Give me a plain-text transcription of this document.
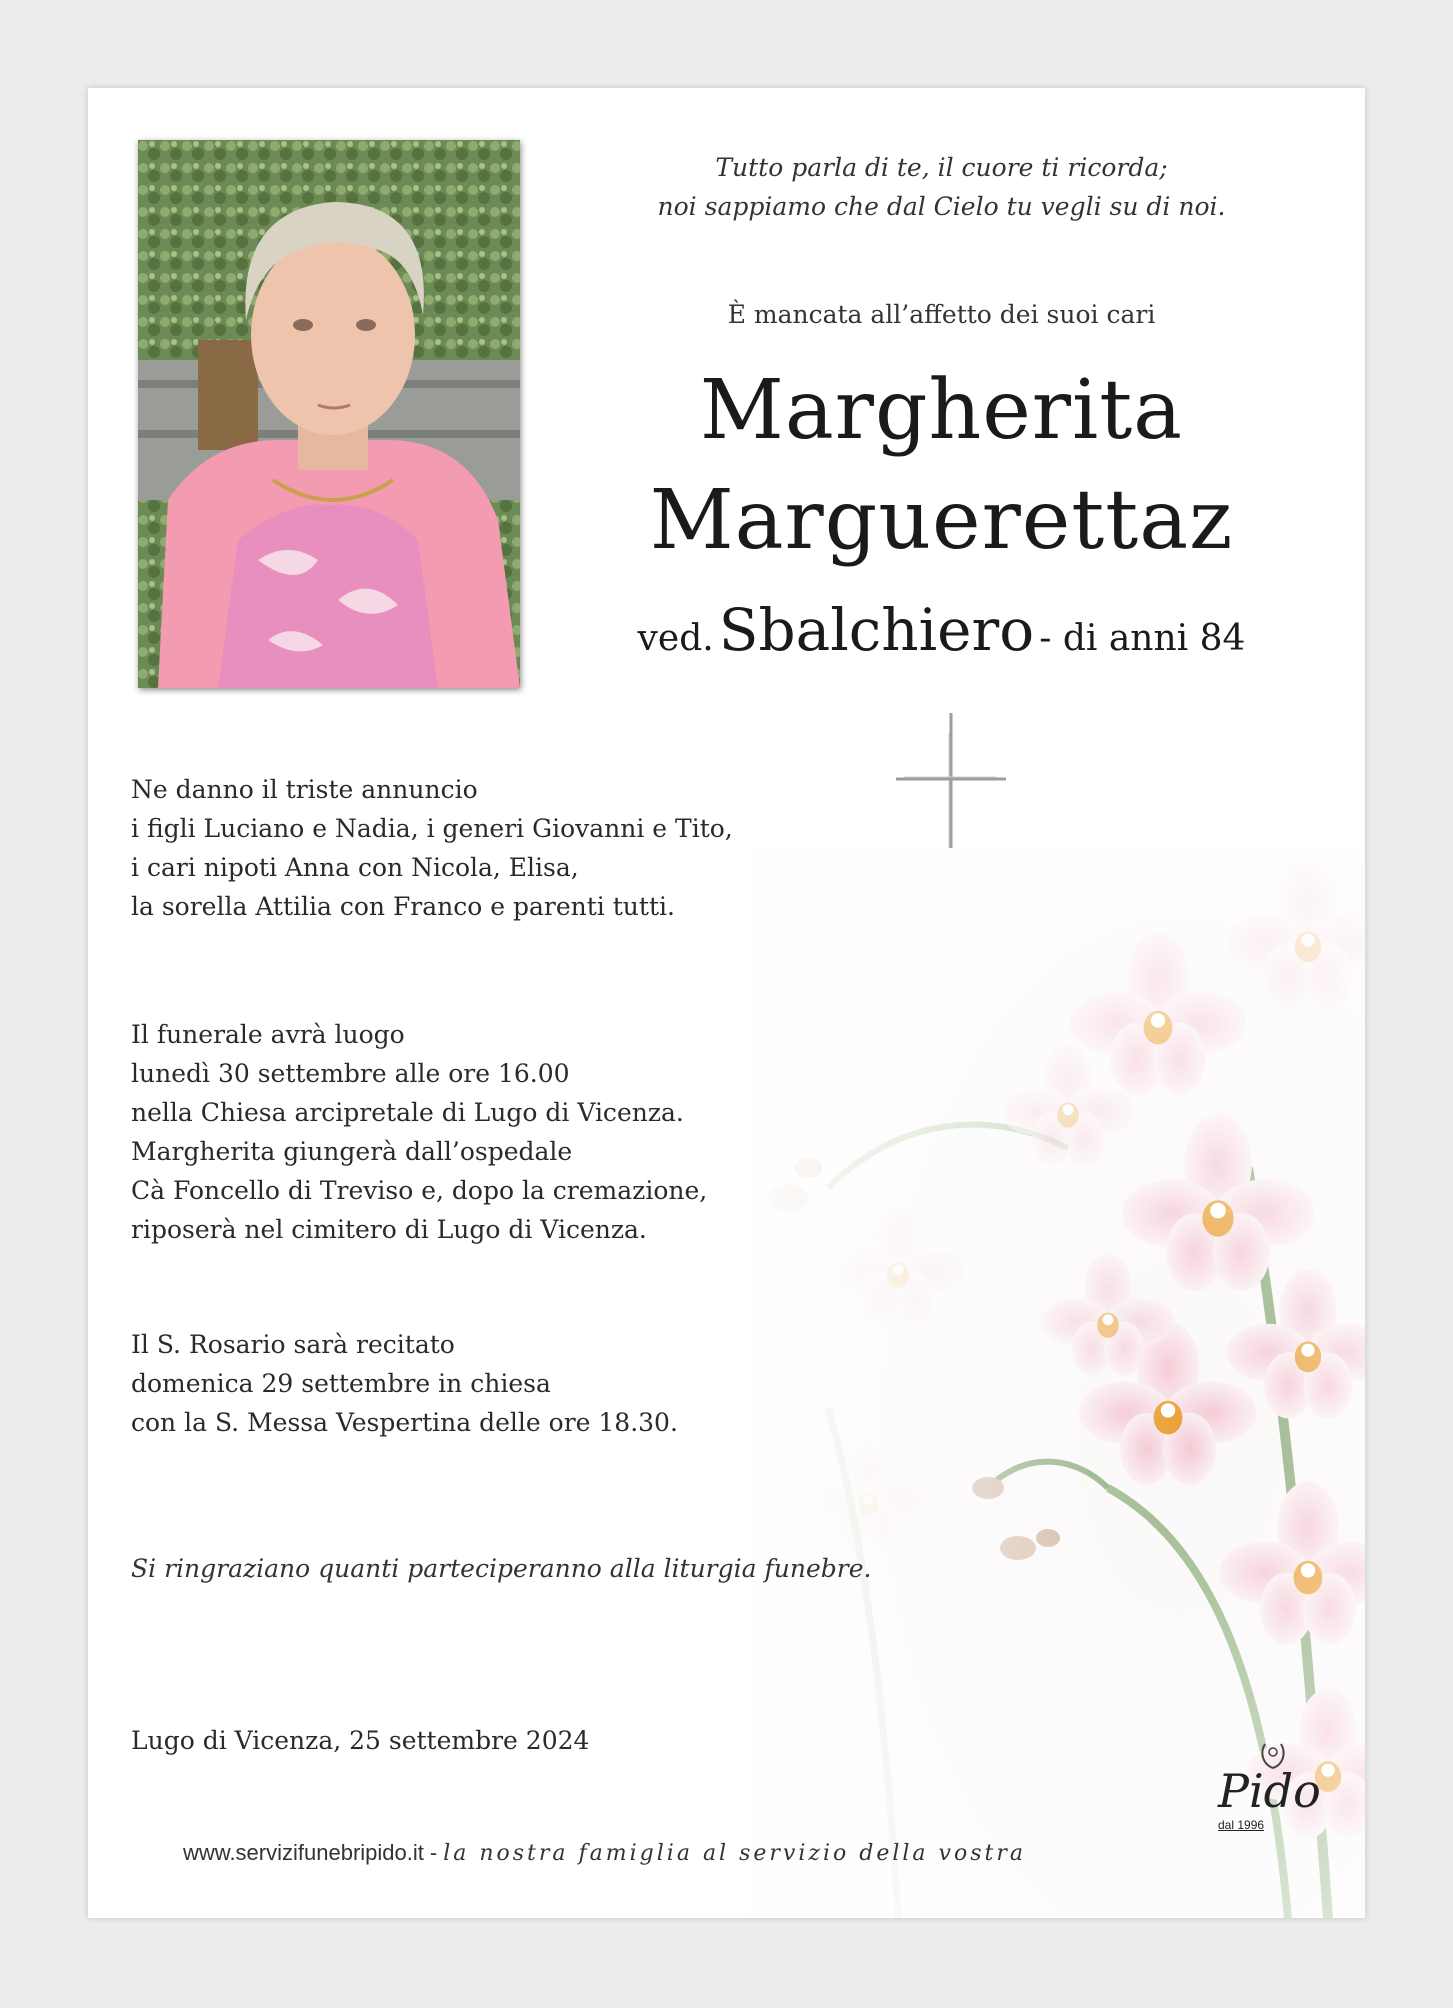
Tutto parla di te, il cuore ti ricorda;
noi sappiamo che dal Cielo tu vegli su di noi.
È mancata all’affetto dei suoi cari
Margherita
Marguerettaz
ved. Sbalchiero - di anni 84
Ne danno il triste annuncio
i figli Luciano e Nadia, i generi Giovanni e Tito,
i cari nipoti Anna con Nicola, Elisa,
la sorella Attilia con Franco e parenti tutti.
Il funerale avrà luogo
lunedì 30 settembre alle ore 16.00
nella Chiesa arcipretale di Lugo di Vicenza.
Margherita giungerà dall’ospedale
Cà Foncello di Treviso e, dopo la cremazione,
riposerà nel cimitero di Lugo di Vicenza.
Il S. Rosario sarà recitato
domenica 29 settembre in chiesa
con la S. Messa Vespertina delle ore 18.30.
Si ringraziano quanti parteciperanno alla liturgia funebre.
Lugo di Vicenza, 25 settembre 2024
Pido
dal 1996
www.servizifunebripido.it - la nostra famiglia al servizio della vostra
